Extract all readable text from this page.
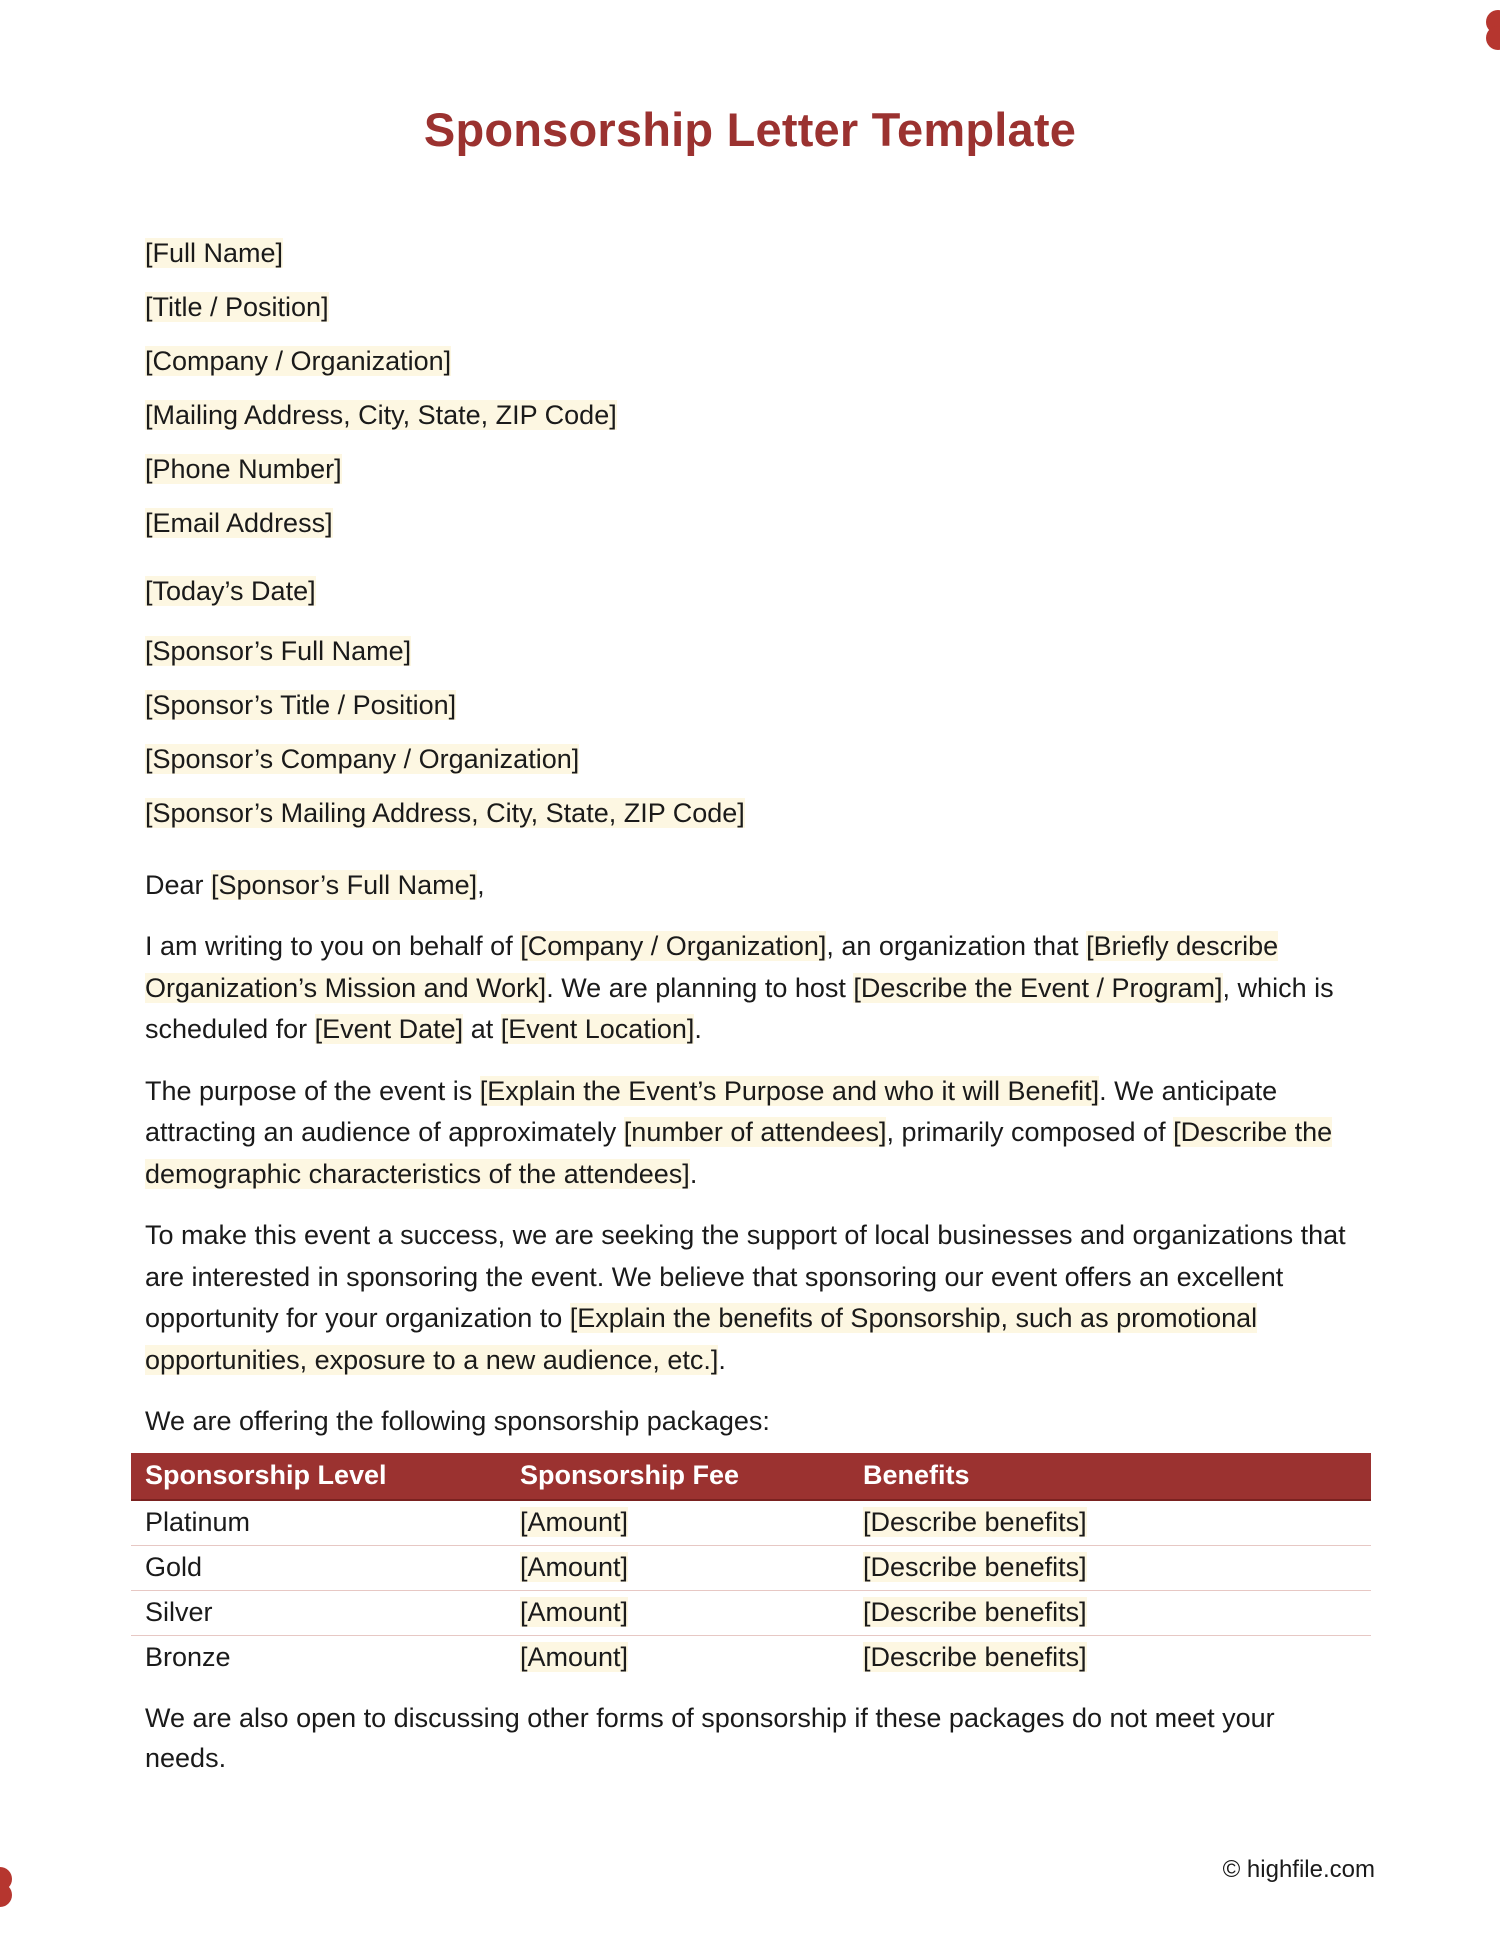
Sponsorship Letter Template

[Full Name]

[Title / Position]

[Company / Organization]

[Mailing Address, City, State, ZIP Code]

[Phone Number]

[Email Address]

[Today’s Date]

[Sponsor’s Full Name]

[Sponsor’s Title / Position]

[Sponsor’s Company / Organization]

[Sponsor’s Mailing Address, City, State, ZIP Code]

Dear [Sponsor’s Full Name],

I am writing to you on behalf of [Company / Organization], an organization that [Briefly describe Organization’s Mission and Work]. We are planning to host [Describe the Event / Program], which is scheduled for [Event Date] at [Event Location].

The purpose of the event is [Explain the Event’s Purpose and who it will Benefit]. We anticipate attracting an audience of approximately [number of attendees], primarily composed of [Describe the demographic characteristics of the attendees].

To make this event a success, we are seeking the support of local businesses and organizations that are interested in sponsoring the event. We believe that sponsoring our event offers an excellent opportunity for your organization to [Explain the benefits of Sponsorship, such as promotional opportunities, exposure to a new audience, etc.].

We are offering the following sponsorship packages:

Sponsorship Level	Sponsorship Fee	Benefits
Platinum	[Amount]	[Describe benefits]
Gold	[Amount]	[Describe benefits]
Silver	[Amount]	[Describe benefits]
Bronze	[Amount]	[Describe benefits]

We are also open to discussing other forms of sponsorship if these packages do not meet your needs.

© highfile.com
